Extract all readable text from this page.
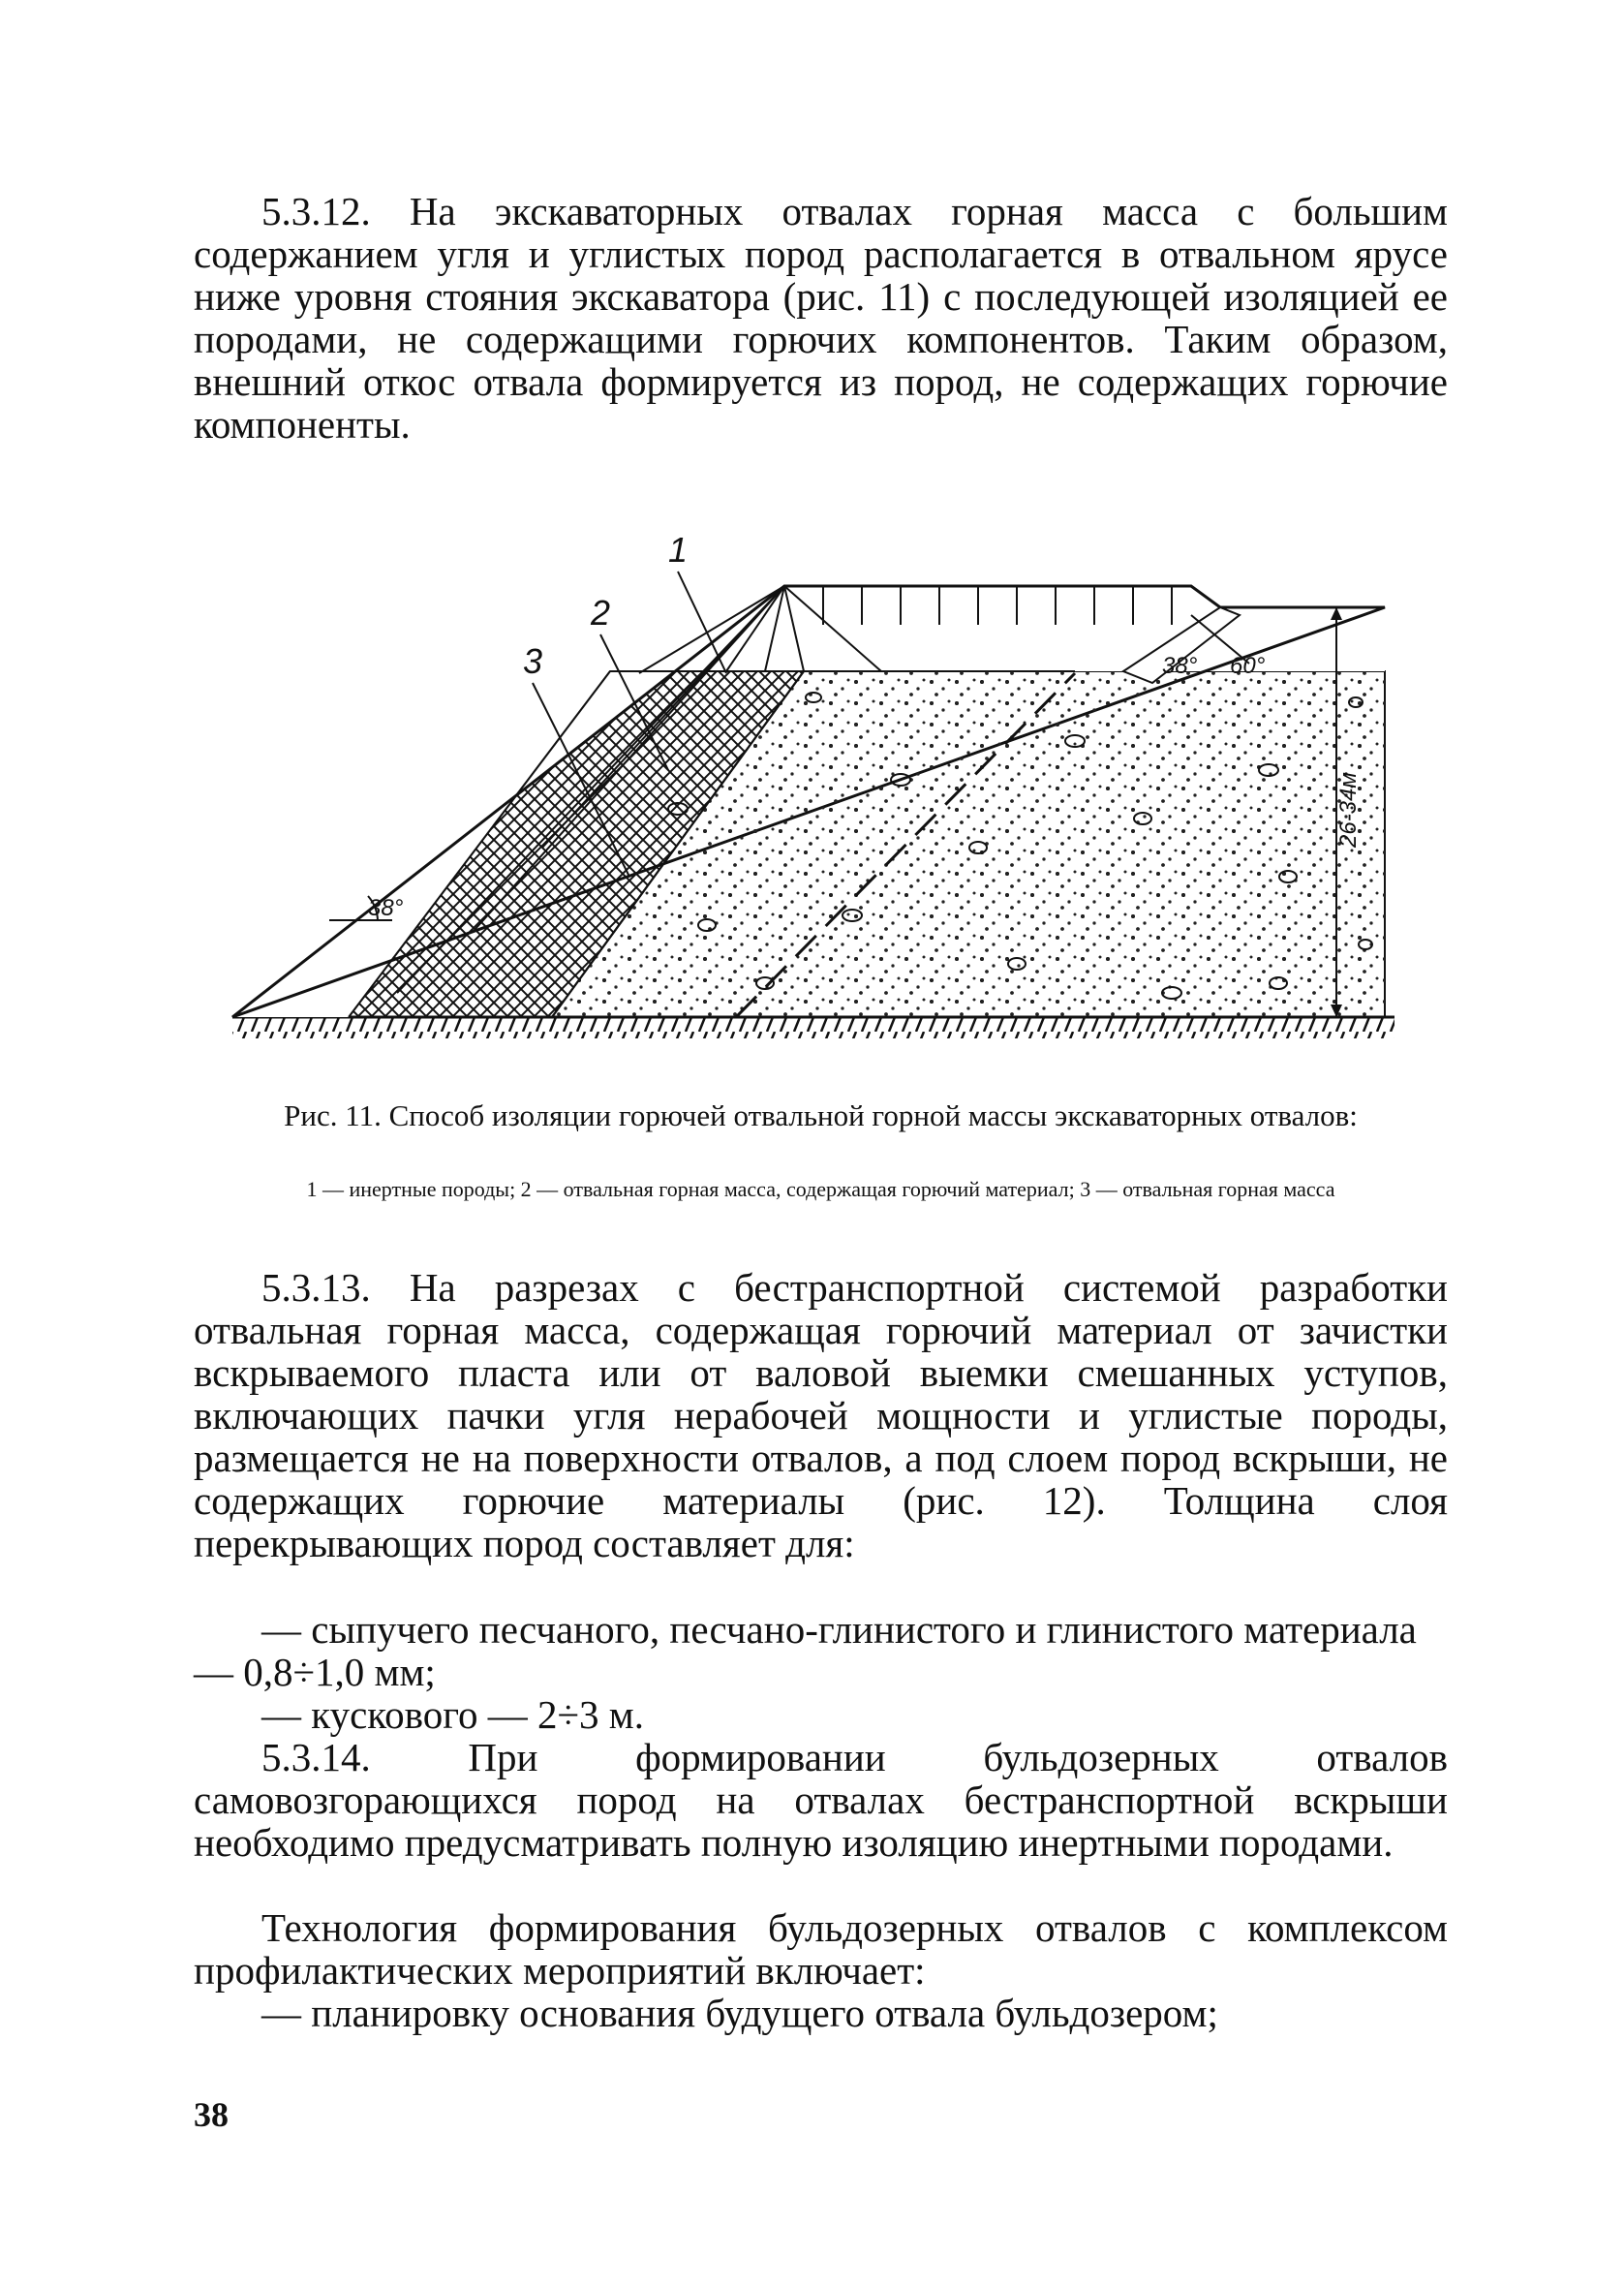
5.3.12. На экскаваторных отвалах горная масса с большим содержанием угля и углистых пород располагается в отвальном ярусе ниже уровня стояния экскаватора (рис. 11) с последующей изоляцией ее породами, не содержащими горючих компонентов. Таким образом, внешний откос отвала формируется из пород, не содержащих горючие компоненты.

38° 60°
38°
26-34м
1
2
3

Рис. 11. Способ изоляции горючей отвальной горной массы экскаваторных отвалов:

1 — инертные породы; 2 — отвальная горная масса, содержащая горючий материал; 3 — отвальная горная масса

5.3.13. На разрезах с бестранспортной системой разработки отвальная горная масса, содержащая горючий материал от зачистки вскрываемого пласта или от валовой выемки смешанных уступов, включающих пачки угля нерабочей мощности и углистые породы, размещается не на поверхности отвалов, а под слоем пород вскрыши, не содержащих горючие материалы (рис. 12). Толщина слоя перекрывающих пород составляет для:

— сыпучего песчаного, песчано-глинистого и глинистого материала — 0,8÷1,0 мм;

— кускового — 2÷3 м.

5.3.14. При формировании бульдозерных отвалов самовозгорающихся пород на отвалах бестранспортной вскрыши необходимо предусматривать полную изоляцию инертными породами.

Технология формирования бульдозерных отвалов с комплексом профилактических мероприятий включает:

— планировку основания будущего отвала бульдозером;

38
